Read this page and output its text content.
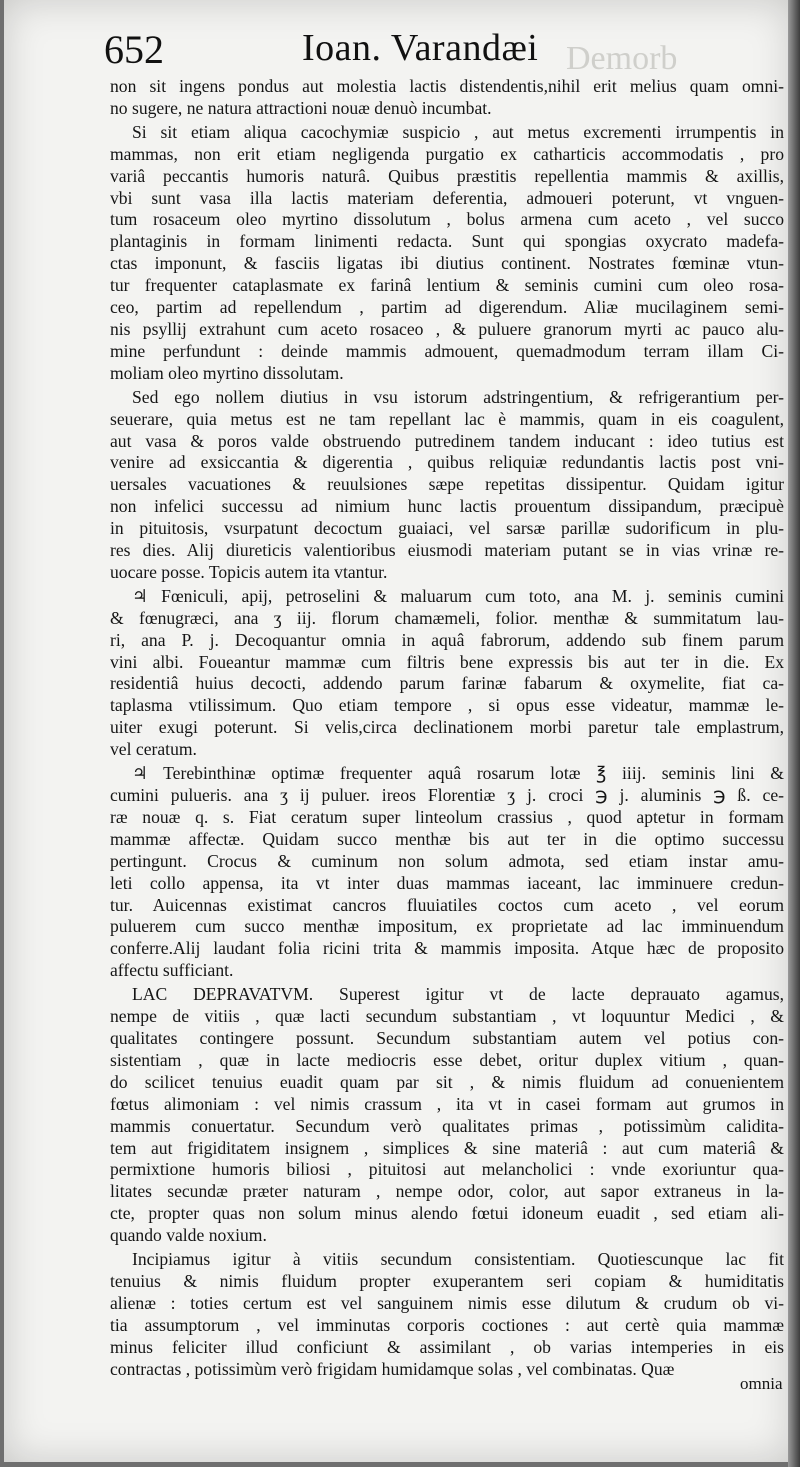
Demorb
652	Ioan. Varandæi
non sit ingens pondus aut molestia lactis distendentis,nihil erit melius quam omni-
no sugere, ne natura attractioni nouæ denuò incumbat.
Si sit etiam aliqua cacochymiæ suspicio , aut metus excrementi irrumpentis in
mammas, non erit etiam negligenda purgatio ex catharticis accommodatis , pro
variâ peccantis humoris naturâ. Quibus præstitis repellentia mammis & axillis,
vbi sunt vasa illa lactis materiam deferentia, admoueri poterunt, vt vnguen-
tum rosaceum oleo myrtino dissolutum , bolus armena cum aceto , vel succo
plantaginis in formam linimenti redacta. Sunt qui spongias oxycrato madefa-
ctas imponunt, & fasciis ligatas ibi diutius continent. Nostrates fœminæ vtun-
tur frequenter cataplasmate ex farinâ lentium & seminis cumini cum oleo rosa-
ceo, partim ad repellendum , partim ad digerendum. Aliæ mucilaginem semi-
nis psyllij extrahunt cum aceto rosaceo , & puluere granorum myrti ac pauco alu-
mine perfundunt : deinde mammis admouent, quemadmodum terram illam Ci-
moliam oleo myrtino dissolutam.
Sed ego nollem diutius in vsu istorum adstringentium, & refrigerantium per-
seuerare, quia metus est ne tam repellant lac è mammis, quam in eis coagulent,
aut vasa & poros valde obstruendo putredinem tandem inducant : ideo tutius est
venire ad exsiccantia & digerentia , quibus reliquiæ redundantis lactis post vni-
uersales vacuationes & reuulsiones sæpe repetitas dissipentur. Quidam igitur
non infelici successu ad nimium hunc lactis prouentum dissipandum, præcipuè
in pituitosis, vsurpatunt decoctum guaiaci, vel sarsæ parillæ sudorificum in plu-
res dies. Alij diureticis valentioribus eiusmodi materiam putant se in vias vrinæ re-
uocare posse. Topicis autem ita vtantur.
♃ Fœniculi, apij, petroselini & maluarum cum toto, ana M. j. seminis cumini
& fœnugræci, ana ʒ iij. florum chamæmeli, folior. menthæ & summitatum lau-
ri, ana P. j. Decoquantur omnia in aquâ fabrorum, addendo sub finem parum
vini albi. Foueantur mammæ cum filtris bene expressis bis aut ter in die. Ex
residentiâ huius decocti, addendo parum farinæ fabarum & oxymelite, fiat ca-
taplasma vtilissimum. Quo etiam tempore , si opus esse videatur, mammæ le-
uiter exugi poterunt. Si velis,circa declinationem morbi paretur tale emplastrum,
vel ceratum.
♃ Terebinthinæ optimæ frequenter aquâ rosarum lotæ ℥ iiij. seminis lini &
cumini pulueris. ana ʒ ij puluer. ireos Florentiæ ʒ j. croci ℈ j. aluminis ℈ ß. ce-
ræ nouæ q. s. Fiat ceratum super linteolum crassius , quod aptetur in formam
mammæ affectæ. Quidam succo menthæ bis aut ter in die optimo successu
pertingunt. Crocus & cuminum non solum admota, sed etiam instar amu-
leti collo appensa, ita vt inter duas mammas iaceant, lac imminuere credun-
tur. Auicennas existimat cancros fluuiatiles coctos cum aceto , vel eorum
puluerem cum succo menthæ impositum, ex proprietate ad lac imminuendum
conferre.Alij laudant folia ricini trita & mammis imposita. Atque hæc de proposito
affectu sufficiant.
LAC DEPRAVATVM. Superest igitur vt de lacte deprauato agamus,
nempe de vitiis , quæ lacti secundum substantiam , vt loquuntur Medici , &
qualitates contingere possunt. Secundum substantiam autem vel potius con-
sistentiam , quæ in lacte mediocris esse debet, oritur duplex vitium , quan-
do scilicet tenuius euadit quam par sit , & nimis fluidum ad conuenientem
fœtus alimoniam : vel nimis crassum , ita vt in casei formam aut grumos in
mammis conuertatur. Secundum verò qualitates primas , potissimùm calidita-
tem aut frigiditatem insignem , simplices & sine materiâ : aut cum materiâ &
permixtione humoris biliosi , pituitosi aut melancholici : vnde exoriuntur qua-
litates secundæ præter naturam , nempe odor, color, aut sapor extraneus in la-
cte, propter quas non solum minus alendo fœtui idoneum euadit , sed etiam ali-
quando valde noxium.
Incipiamus igitur à vitiis secundum consistentiam. Quotiescunque lac fit
tenuius & nimis fluidum propter exuperantem seri copiam & humiditatis
alienæ : toties certum est vel sanguinem nimis esse dilutum & crudum ob vi-
tia assumptorum , vel imminutas corporis coctiones : aut certè quia mammæ
minus feliciter illud conficiunt & assimilant , ob varias intemperies in eis
contractas , potissimùm verò frigidam humidamque solas , vel combinatas. Quæ
omnia
